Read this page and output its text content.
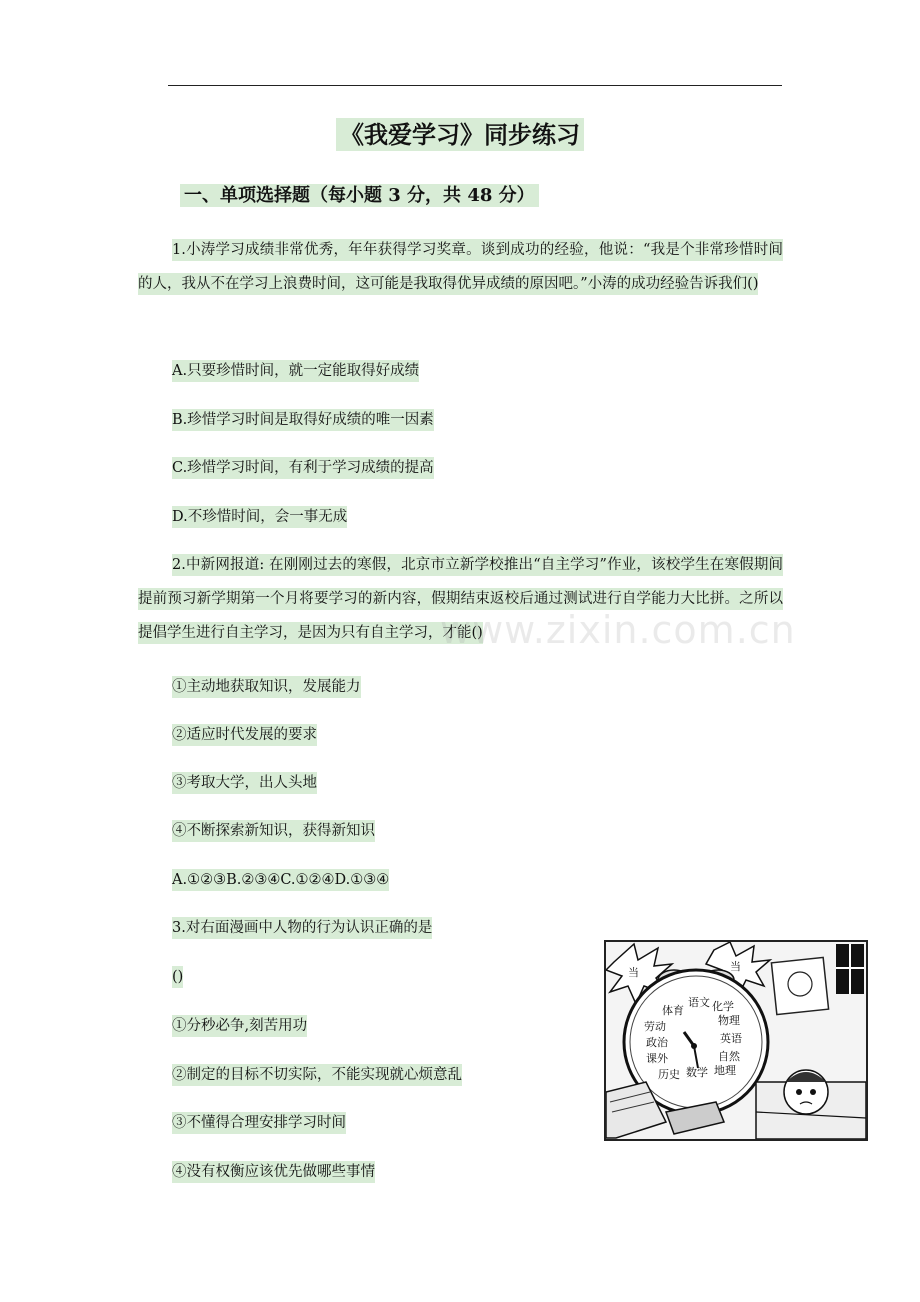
《我爱学习》同步练习
一、单项选择题（每小题 3 分，共 48 分）
1.小涛学习成绩非常优秀，年年获得学习奖章。谈到成功的经验，他说：“我是个非常珍惜时间的人，我从不在学习上浪费时间，这可能是我取得优异成绩的原因吧。”小涛的成功经验告诉我们()
A.只要珍惜时间，就一定能取得好成绩
B.珍惜学习时间是取得好成绩的唯一因素
C.珍惜学习时间，有利于学习成绩的提高
D.不珍惜时间，会一事无成
2.中新网报道: 在刚刚过去的寒假，北京市立新学校推出“自主学习”作业，该校学生在寒假期间提前预习新学期第一个月将要学习的新内容，假期结束返校后通过测试进行自学能力大比拼。之所以提倡学生进行自主学习，是因为只有自主学习，才能()
①主动地获取知识，发展能力
②适应时代发展的要求
③考取大学，出人头地
④不断探索新知识，获得新知识
A.①②③B.②③④C.①②④D.①③④
www.zixin.com.cn
3.对右面漫画中人物的行为认识正确的是
()
①分秒必争,刻苦用功
②制定的目标不切实际，不能实现就心烦意乱
③不懂得合理安排学习时间
④没有权衡应该优先做哪些事情
当	当
体育
语文 化学
物理
劳动
英语
政治
自然
课外
地理
历史 数学
